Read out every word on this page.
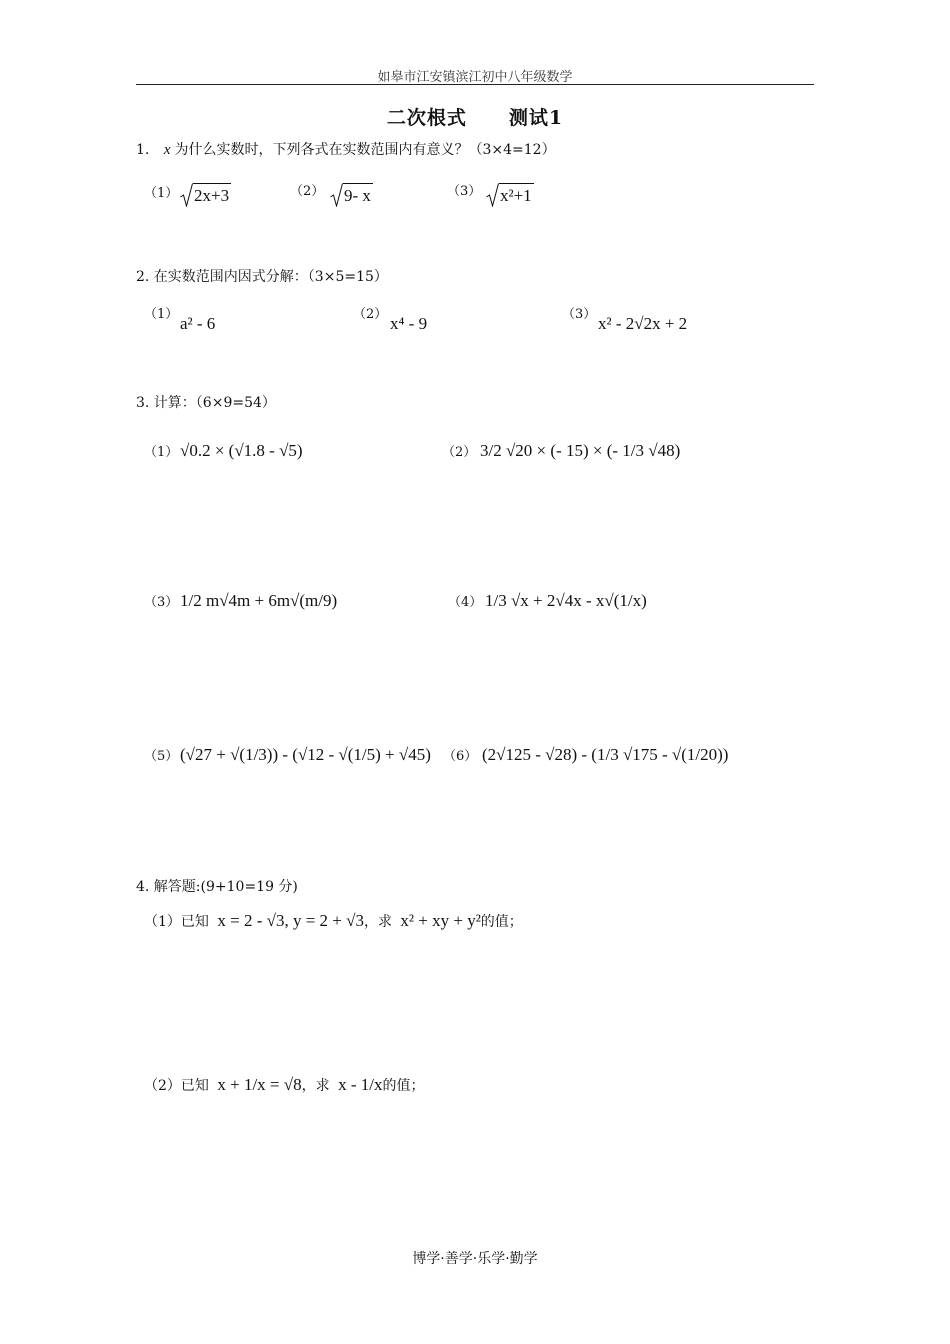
如皋市江安镇滨江初中八年级数学
二次根式 测试1
1. x 为什么实数时，下列各式在实数范围内有意义？（3×4=12）
（1） 2x+3	（2） 9- x	（3） x²+1
2. 在实数范围内因式分解：（3×5=15）
（1） a² - 6	（2） x⁴ - 9	（3） x² - 2√2x + 2
3. 计算：（6×9=54）
（1） √0.2 × (√1.8 - √5)	（2） 3/2 √20 × (- 15) × (- 1/3 √48)
（3） 1/2 m√4m + 6m√(m/9)	（4） 1/3 √x + 2√4x - x√(1/x)
（5） (√27 + √(1/3)) - (√12 - √(1/5) + √45) （6） (2√125 - √28) - (1/3 √175 - √(1/20))
4. 解答题:(9+10=19 分)
（1）已知 x = 2 - √3, y = 2 + √3，求 x² + xy + y²的值；
（2）已知 x + 1/x = √8，求 x - 1/x的值；
博学·善学·乐学·勤学
